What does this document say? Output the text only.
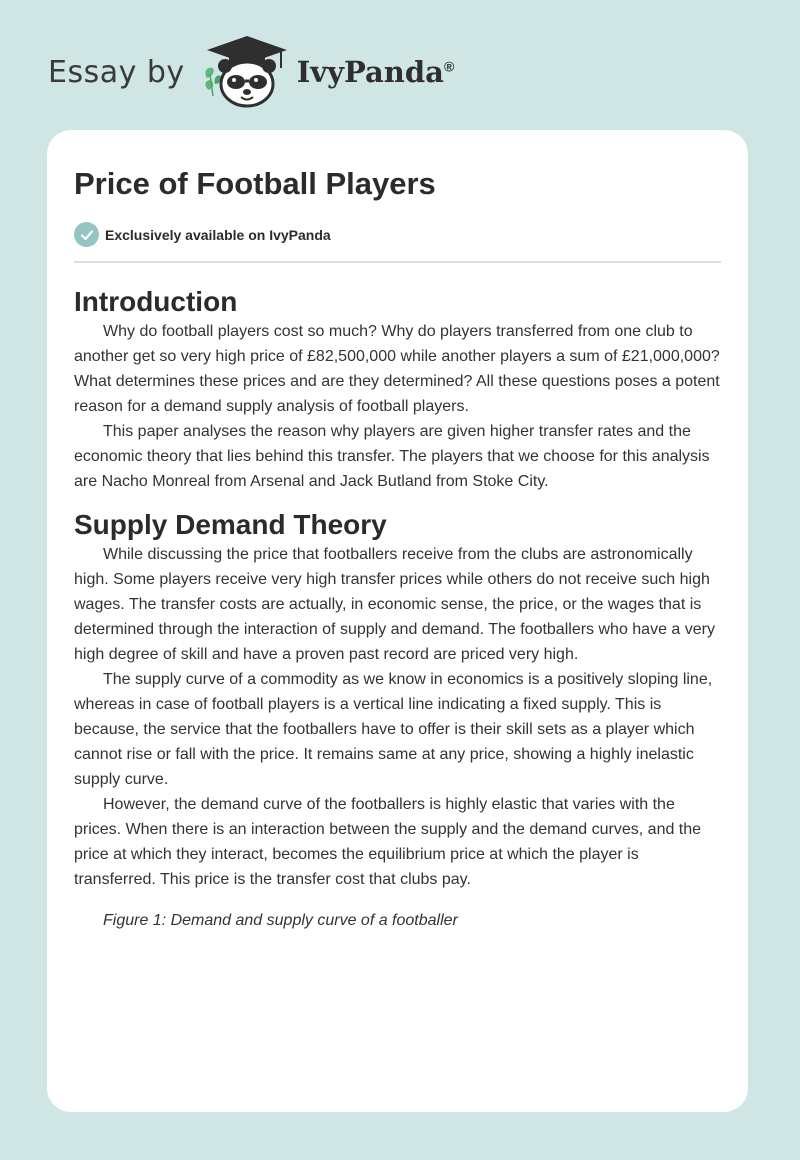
Essay by	IvyPanda®
Price of Football Players
Exclusively available on IvyPanda
Introduction

Why do football players cost so much? Why do players transferred from one club to another get so very high price of £82,500,000 while another players a sum of £21,000,000? What determines these prices and are they determined? All these questions poses a potent reason for a demand supply analysis of football players.

This paper analyses the reason why players are given higher transfer rates and the economic theory that lies behind this transfer. The players that we choose for this analysis are Nacho Monreal from Arsenal and Jack Butland from Stoke City.

Supply Demand Theory

While discussing the price that footballers receive from the clubs are astronomically high. Some players receive very high transfer prices while others do not receive such high wages. The transfer costs are actually, in economic sense, the price, or the wages that is determined through the interaction of supply and demand. The footballers who have a very high degree of skill and have a proven past record are priced very high.

The supply curve of a commodity as we know in economics is a positively sloping line, whereas in case of football players is a vertical line indicating a fixed supply. This is because, the service that the footballers have to offer is their skill sets as a player which cannot rise or fall with the price. It remains same at any price, showing a highly inelastic supply curve.

However, the demand curve of the footballers is highly elastic that varies with the prices. When there is an interaction between the supply and the demand curves, and the price at which they interact, becomes the equilibrium price at which the player is transferred. This price is the transfer cost that clubs pay.

Figure 1: Demand and supply curve of a footballer
